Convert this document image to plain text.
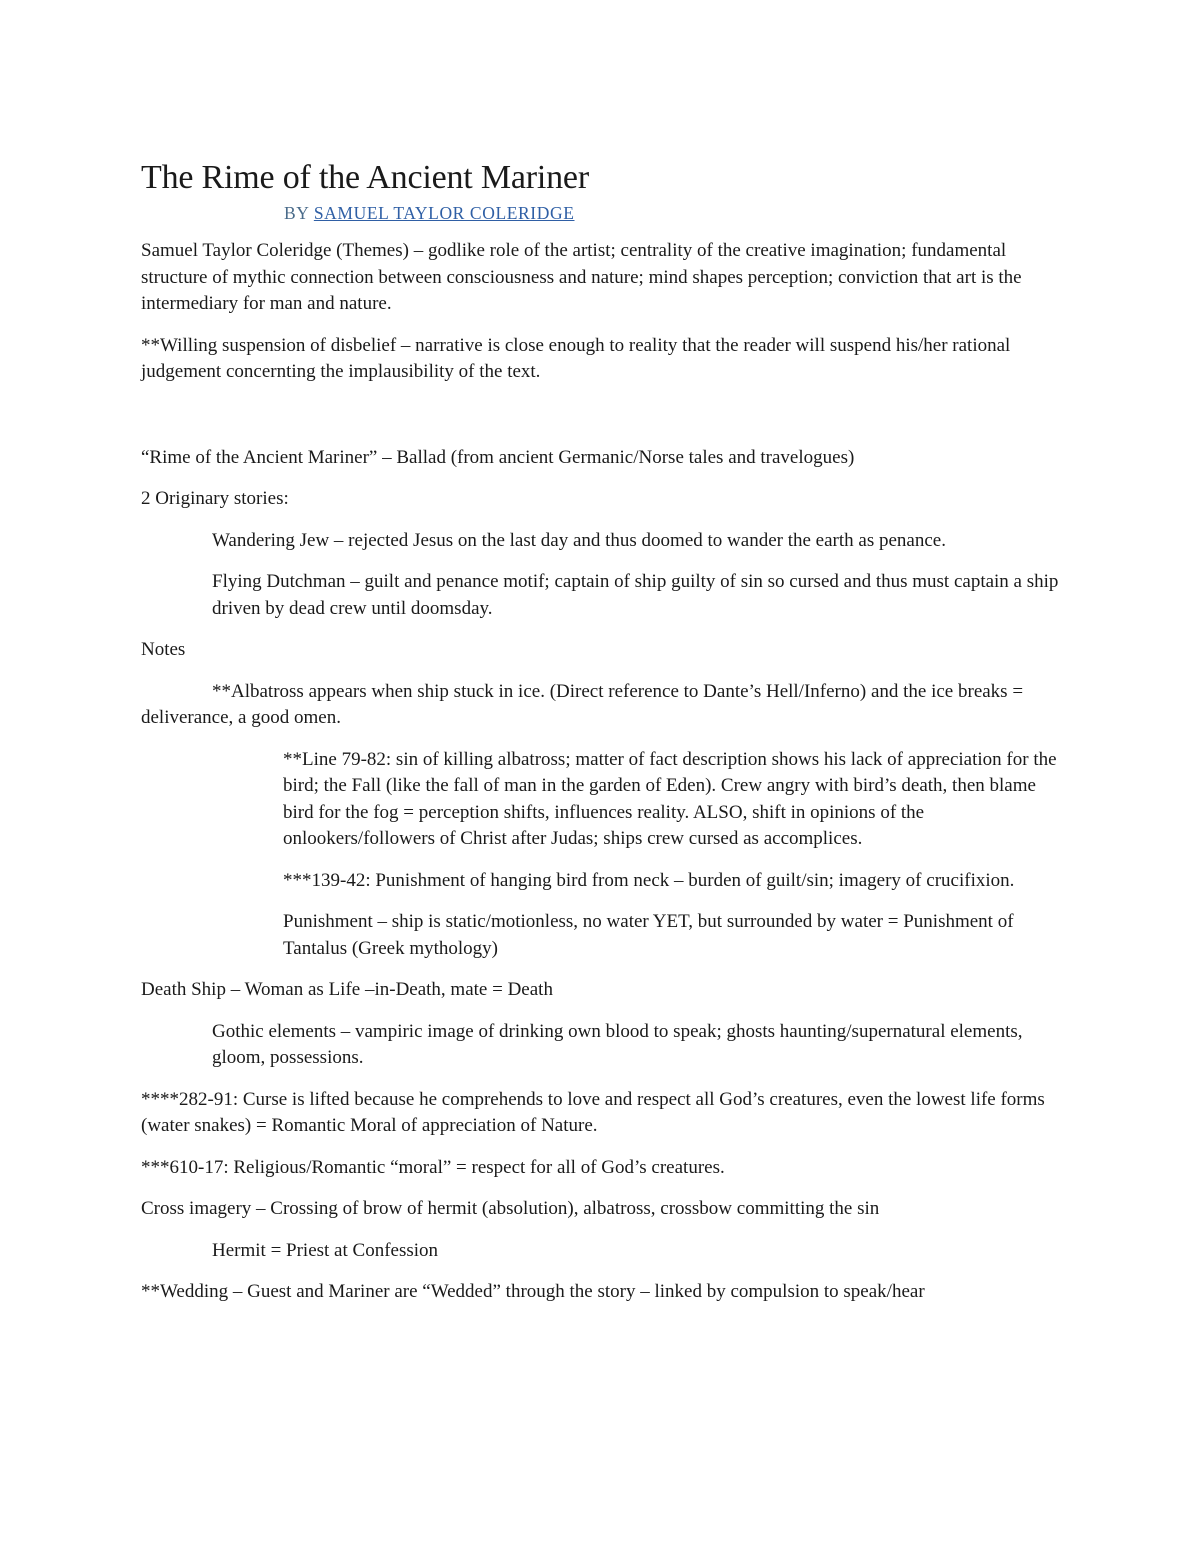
The Rime of the Ancient Mariner
BY SAMUEL TAYLOR COLERIDGE

Samuel Taylor Coleridge (Themes) – godlike role of the artist; centrality of the creative imagination; fundamental structure of mythic connection between consciousness and nature; mind shapes perception; conviction that art is the intermediary for man and nature.

**Willing suspension of disbelief – narrative is close enough to reality that the reader will suspend his/her rational judgement concernting the implausibility of the text.

“Rime of the Ancient Mariner” – Ballad (from ancient Germanic/Norse tales and travelogues)

2 Originary stories:

Wandering Jew – rejected Jesus on the last day and thus doomed to wander the earth as penance.

Flying Dutchman – guilt and penance motif; captain of ship guilty of sin so cursed and thus must captain a ship driven by dead crew until doomsday.

Notes

**Albatross appears when ship stuck in ice. (Direct reference to Dante’s Hell/Inferno) and the ice breaks = deliverance, a good omen.

**Line 79-82: sin of killing albatross; matter of fact description shows his lack of appreciation for the bird; the Fall (like the fall of man in the garden of Eden). Crew angry with bird’s death, then blame bird for the fog = perception shifts, influences reality. ALSO, shift in opinions of the onlookers/followers of Christ after Judas; ships crew cursed as accomplices.

***139-42: Punishment of hanging bird from neck – burden of guilt/sin; imagery of crucifixion.

Punishment – ship is static/motionless, no water YET, but surrounded by water = Punishment of Tantalus (Greek mythology)

Death Ship – Woman as Life –in-Death, mate = Death

Gothic elements – vampiric image of drinking own blood to speak; ghosts haunting/supernatural elements, gloom, possessions.

****282-91: Curse is lifted because he comprehends to love and respect all God’s creatures, even the lowest life forms (water snakes) = Romantic Moral of appreciation of Nature.

***610-17: Religious/Romantic “moral” = respect for all of God’s creatures.

Cross imagery – Crossing of brow of hermit (absolution), albatross, crossbow committing the sin

Hermit = Priest at Confession

**Wedding – Guest and Mariner are “Wedded” through the story – linked by compulsion to speak/hear
